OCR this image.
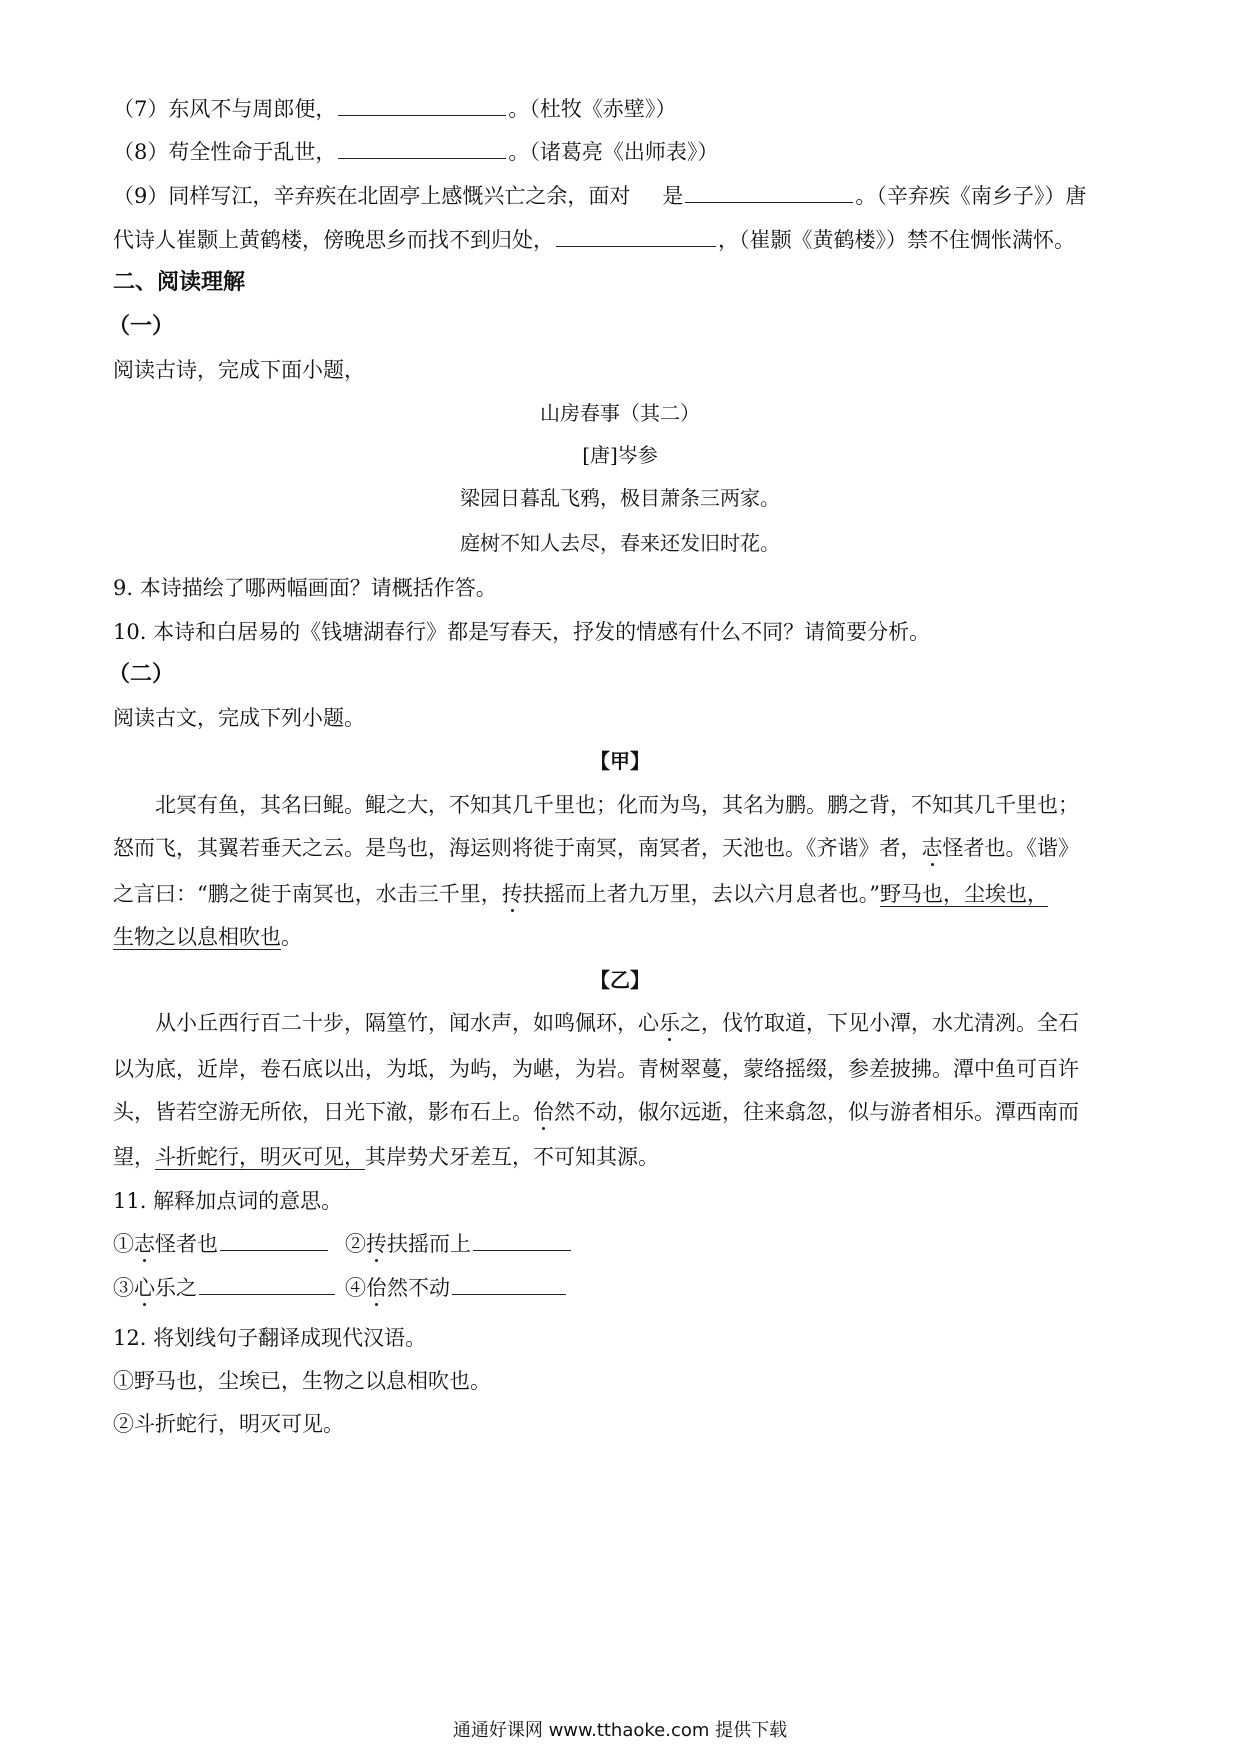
（7）东风不与周郎便，	。（杜牧《赤壁》）
（8）苟全性命于乱世，	。（诸葛亮《出师表》）
（9）同样写江，辛弃疾在北固亭上感慨兴亡之余，面对 是	。（辛弃疾《南乡子》）唐
代诗人崔颢上黄鹤楼，傍晚思乡而找不到归处，	，（崔颢《黄鹤楼》）禁不住惆怅满怀。
二、阅读理解
（一）
阅读古诗，完成下面小题，
山房春事（其二）
[唐]岑参
梁园日暮乱飞鸦，极目萧条三两家。
庭树不知人去尽，春来还发旧时花。
9. 本诗描绘了哪两幅画面？请概括作答。
10. 本诗和白居易的《钱塘湖春行》都是写春天，抒发的情感有什么不同？请简要分析。
（二）
阅读古文，完成下列小题。
【甲】
北冥有鱼，其名曰鲲。鲲之大，不知其几千里也；化而为鸟，其名为鹏。鹏之背，不知其几千里也；
怒而飞，其翼若垂天之云。是鸟也，海运则将徙于南冥，南冥者，天池也。《齐谐》者，志怪者也。《谐》
之言曰：“鹏之徙于南冥也，水击三千里，抟扶摇而上者九万里，去以六月息者也。”野马也，尘埃也，
生物之以息相吹也。
【乙】
从小丘西行百二十步，隔篁竹，闻水声，如鸣佩环，心乐之，伐竹取道，下见小潭，水尤清冽。全石
以为底，近岸，卷石底以出，为坻，为屿，为嵁，为岩。青树翠蔓，蒙络摇缀，参差披拂。潭中鱼可百许
头，皆若空游无所依，日光下澈，影布石上。佁然不动，俶尔远逝，往来翕忽，似与游者相乐。潭西南而
望，斗折蛇行，明灭可见，其岸势犬牙差互，不可知其源。
11. 解释加点词的意思。
①志怪者也	②抟扶摇而上
③心乐之	④佁然不动
12. 将划线句子翻译成现代汉语。
①野马也，尘埃已，生物之以息相吹也。
②斗折蛇行，明灭可见。
通通好课网 www.tthaoke.com 提供下载
